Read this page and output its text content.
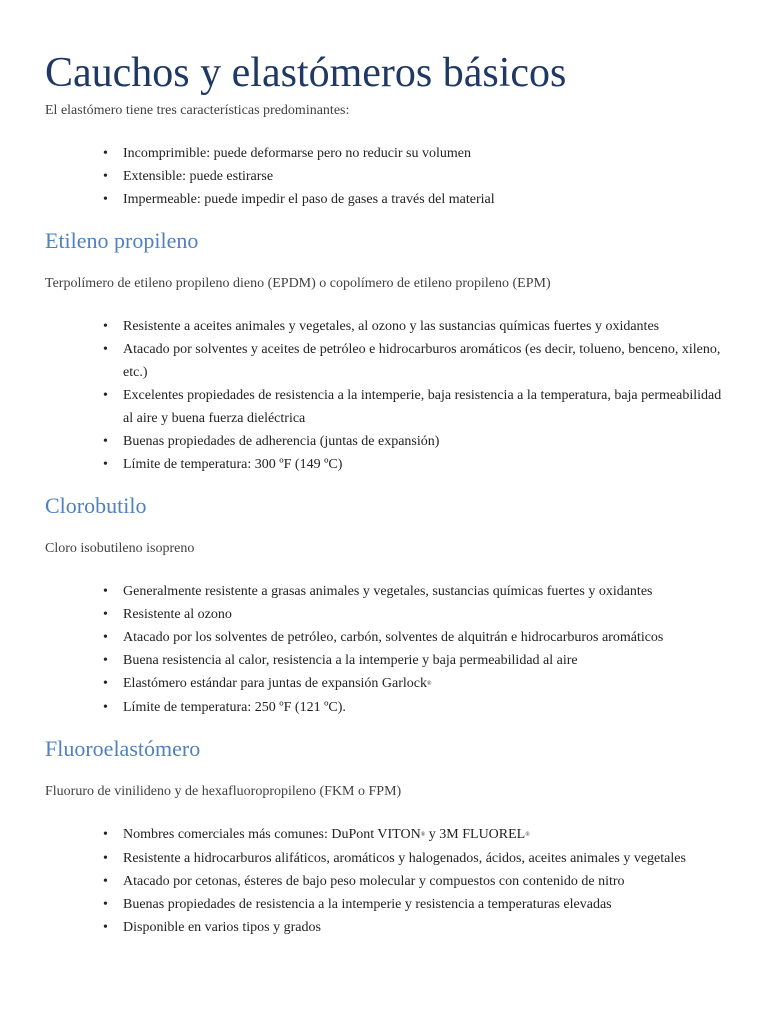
Cauchos y elastómeros básicos

El elastómero tiene tres características predominantes:

• Incomprimible: puede deformarse pero no reducir su volumen
• Extensible: puede estirarse
• Impermeable: puede impedir el paso de gases a través del material
Etileno propileno

Terpolímero de etileno propileno dieno (EPDM) o copolímero de etileno propileno (EPM)

• Resistente a aceites animales y vegetales, al ozono y las sustancias químicas fuertes y oxidantes
• Atacado por solventes y aceites de petróleo e hidrocarburos aromáticos (es decir, tolueno, benceno, xileno, etc.)
• Excelentes propiedades de resistencia a la intemperie, baja resistencia a la temperatura, baja permeabilidad al aire y buena fuerza dieléctrica
• Buenas propiedades de adherencia (juntas de expansión)
• Límite de temperatura: 300 ºF (149 ºC)
Clorobutilo

Cloro isobutileno isopreno

• Generalmente resistente a grasas animales y vegetales, sustancias químicas fuertes y oxidantes
• Resistente al ozono
• Atacado por los solventes de petróleo, carbón, solventes de alquitrán e hidrocarburos aromáticos
• Buena resistencia al calor, resistencia a la intemperie y baja permeabilidad al aire
• Elastómero estándar para juntas de expansión Garlock®
• Límite de temperatura: 250 ºF (121 ºC).
Fluoroelastómero

Fluoruro de vinilideno y de hexafluoropropileno (FKM o FPM)

• Nombres comerciales más comunes: DuPont VITON® y 3M FLUOREL®
• Resistente a hidrocarburos alifáticos, aromáticos y halogenados, ácidos, aceites animales y vegetales
• Atacado por cetonas, ésteres de bajo peso molecular y compuestos con contenido de nitro
• Buenas propiedades de resistencia a la intemperie y resistencia a temperaturas elevadas
• Disponible en varios tipos y grados
